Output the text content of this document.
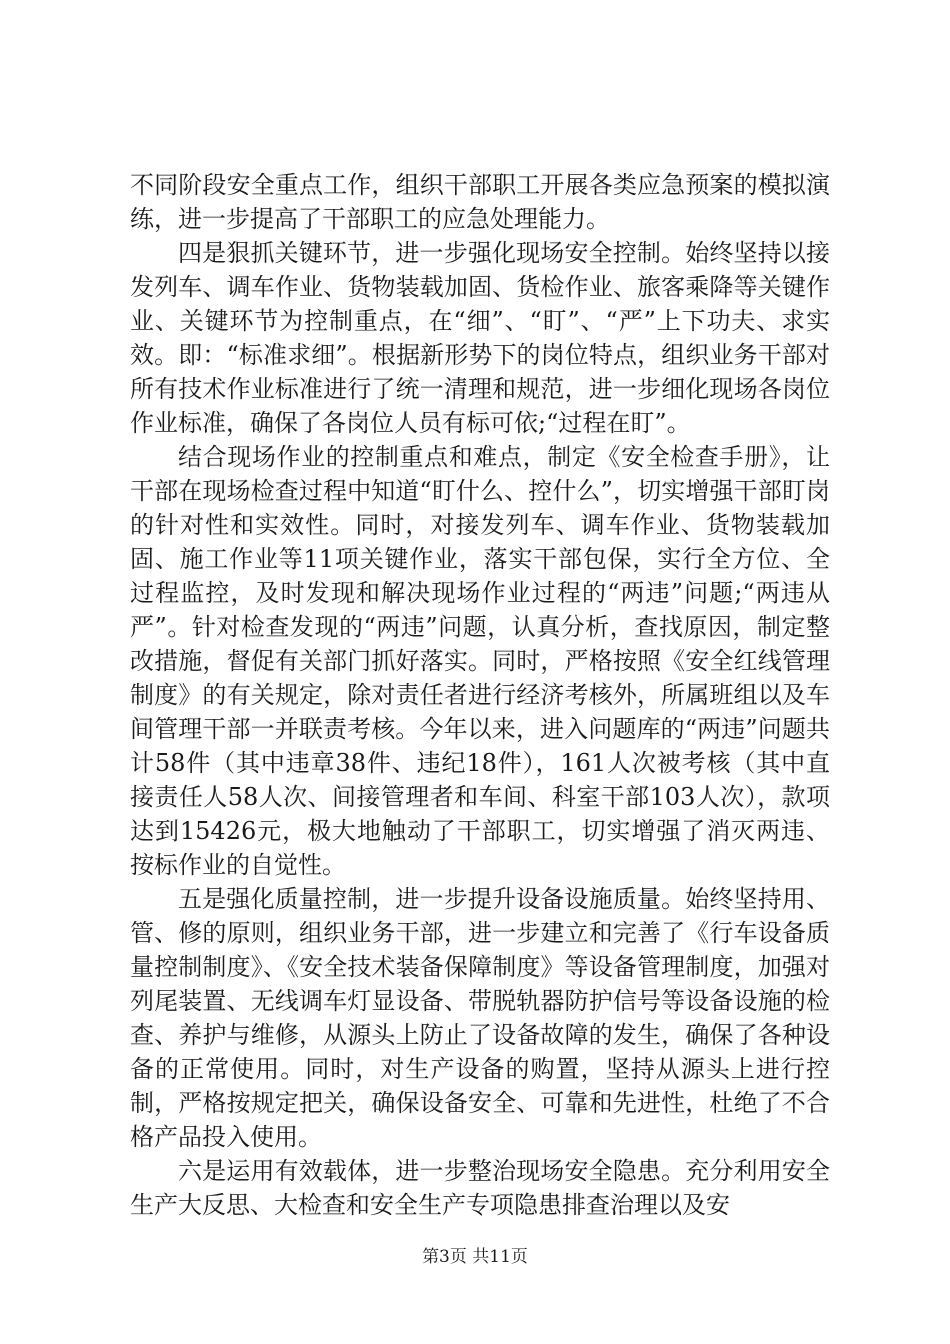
不同阶段安全重点工作，组织干部职工开展各类应急预案的模拟演练，进一步提高了干部职工的应急处理能力。

四是狠抓关键环节，进一步强化现场安全控制。始终坚持以接发列车、调车作业、货物装载加固、货检作业、旅客乘降等关键作业、关键环节为控制重点，在“细”、“盯”、“严”上下功夫、求实效。即：“标准求细”。根据新形势下的岗位特点，组织业务干部对所有技术作业标准进行了统一清理和规范，进一步细化现场各岗位作业标准，确保了各岗位人员有标可依;“过程在盯”。

结合现场作业的控制重点和难点，制定《安全检查手册》，让干部在现场检查过程中知道“盯什么、控什么”，切实增强干部盯岗的针对性和实效性。同时，对接发列车、调车作业、货物装载加固、施工作业等11项关键作业，落实干部包保，实行全方位、全过程监控，及时发现和解决现场作业过程的“两违”问题;“两违从严”。针对检查发现的“两违”问题，认真分析，查找原因，制定整改措施，督促有关部门抓好落实。同时，严格按照《安全红线管理制度》的有关规定，除对责任者进行经济考核外，所属班组以及车间管理干部一并联责考核。今年以来，进入问题库的“两违”问题共计58件（其中违章38件、违纪18件），161人次被考核（其中直接责任人58人次、间接管理者和车间、科室干部103人次），款项达到15426元，极大地触动了干部职工，切实增强了消灭两违、按标作业的自觉性。

五是强化质量控制，进一步提升设备设施质量。始终坚持用、管、修的原则，组织业务干部，进一步建立和完善了《行车设备质量控制制度》、《安全技术装备保障制度》等设备管理制度，加强对列尾装置、无线调车灯显设备、带脱轨器防护信号等设备设施的检查、养护与维修，从源头上防止了设备故障的发生，确保了各种设备的正常使用。同时，对生产设备的购置，坚持从源头上进行控制，严格按规定把关，确保设备安全、可靠和先进性，杜绝了不合格产品投入使用。

六是运用有效载体，进一步整治现场安全隐患。充分利用安全生产大反思、大检查和安全生产专项隐患排查治理以及安

第3页 共11页
